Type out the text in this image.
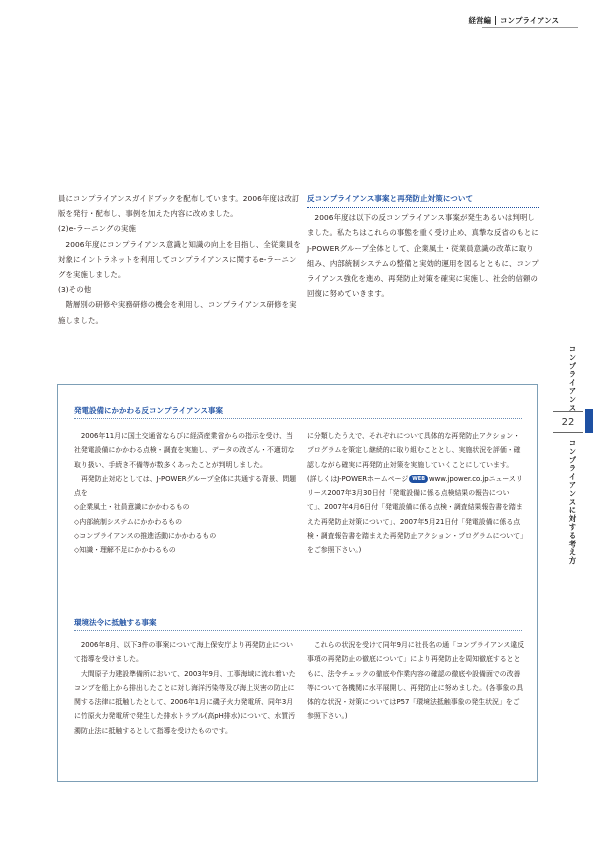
経営編 コンプライアンス

員にコンプライアンスガイドブックを配布しています。2006年度は改訂版を発行・配布し、事例を加えた内容に改めました。

(2)e-ラーニングの実施

2006年度にコンプライアンス意識と知識の向上を目指し、全従業員を対象にイントラネットを利用してコンプライアンスに関するe-ラーニングを実施しました。

(3)その他

階層別の研修や実務研修の機会を利用し、コンプライアンス研修を実施しました。

反コンプライアンス事案と再発防止対策について

2006年度は以下の反コンプライアンス事案が発生あるいは判明しました。私たちはこれらの事態を重く受け止め、真摯な反省のもとにJ-POWERグループ全体として、企業風土・従業員意識の改革に取り組み、内部統制システムの整備と実効的運用を図るとともに、コンプライアンス強化を進め、再発防止対策を確実に実施し、社会的信頼の回復に努めていきます。

コンプライアンス
22
コンプライアンスに対する考え方
発電設備にかかわる反コンプライアンス事案

2006年11月に国土交通省ならびに経済産業省からの指示を受け、当社発電設備にかかわる点検・調査を実施し、データの改ざん・不適切な取り扱い、手続き不備等が数多くあったことが判明しました。

再発防止対応としては、J-POWERグループ全体に共通する背景、問題点を

◇企業風土・社員意識にかかわるもの

◇内部統制システムにかかわるもの

◇コンプライアンスの推進活動にかかわるもの

◇知識・理解不足にかかわるもの

に分類したうえで、それぞれについて具体的な再発防止アクション・プログラムを策定し継続的に取り組むこととし、実施状況を評価・確認しながら確実に再発防止対策を実施していくことにしています。

(詳しくはJ-POWERホームページ WEB www.jpower.co.jpニュースリリース2007年3月30日付「発電設備に係る点検結果の報告について」、2007年4月6日付「発電設備に係る点検・調査結果報告書を踏まえた再発防止対策について」、2007年5月21日付「発電設備に係る点検・調査報告書を踏まえた再発防止アクション・プログラムについて」をご参照下さい。)

環境法令に抵触する事案

2006年8月、以下3件の事案について海上保安庁より再発防止について指導を受けました。

大間原子力建設準備所において、2003年9月、工事海域に流れ着いたコンブを船上から排出したことに対し海洋汚染等及び海上災害の防止に関する法律に抵触したとして、2006年1月に磯子火力発電所、同年3月に竹原火力発電所で発生した排水トラブル(高pH排水)について、水質汚濁防止法に抵触するとして指導を受けたものです。

これらの状況を受けて同年9月に社長名の通「コンプライアンス違反事項の再発防止の徹底について」により再発防止を周知徹底するとともに、法令チェックの徹底や作業内容の確認の徹底や設備面での改善等について各機関に水平展開し、再発防止に努めました。(各事象の具体的な状況・対策についてはP57「環境法抵触事象の発生状況」をご参照下さい。)
